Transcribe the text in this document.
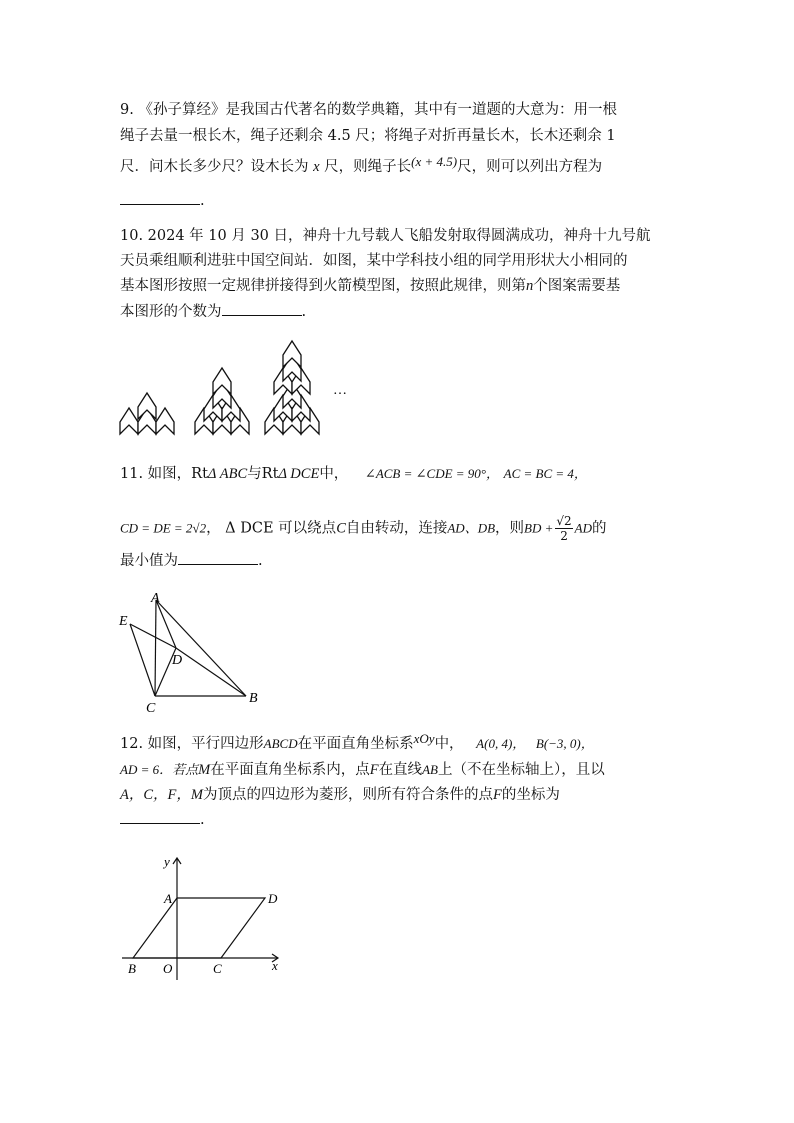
9. 《孙子算经》是我国古代著名的数学典籍，其中有一道题的大意为：用一根
绳子去量一根长木，绳子还剩余 4.5 尺；将绳子对折再量长木，长木还剩余 1
尺．问木长多少尺？设木长为 x 尺，则绳子长(x + 4.5)尺，则可以列出方程为
.
10. 2024 年 10 月 30 日，神舟十九号载人飞船发射取得圆满成功，神舟十九号航
天员乘组顺利进驻中国空间站．如图，某中学科技小组的同学用形状大小相同的
基本图形按照一定规律拼接得到火箭模型图，按照此规律，则第n个图案需要基
本图形的个数为	.
…
11. 如图，RtΔ ABC与RtΔ DCE中， ∠ACB = ∠CDE = 90°， AC = BC = 4，
CD = DE = 2√2， Δ DCE 可以绕点C自由转动，连接AD、DB，则BD + $\frac{√2}{2}$ AD的
最小值为	.
A
E
D
C
B
12. 如图，平行四边形ABCD在平面直角坐标系xOy中， A(0, 4)， B(−3, 0)，
AD = 6．若点M在平面直角坐标系内，点F在直线AB上（不在坐标轴上），且以
A，C，F，M为顶点的四边形为菱形，则所有符合条件的点F的坐标为
.
y
A	D
B O	C	x
